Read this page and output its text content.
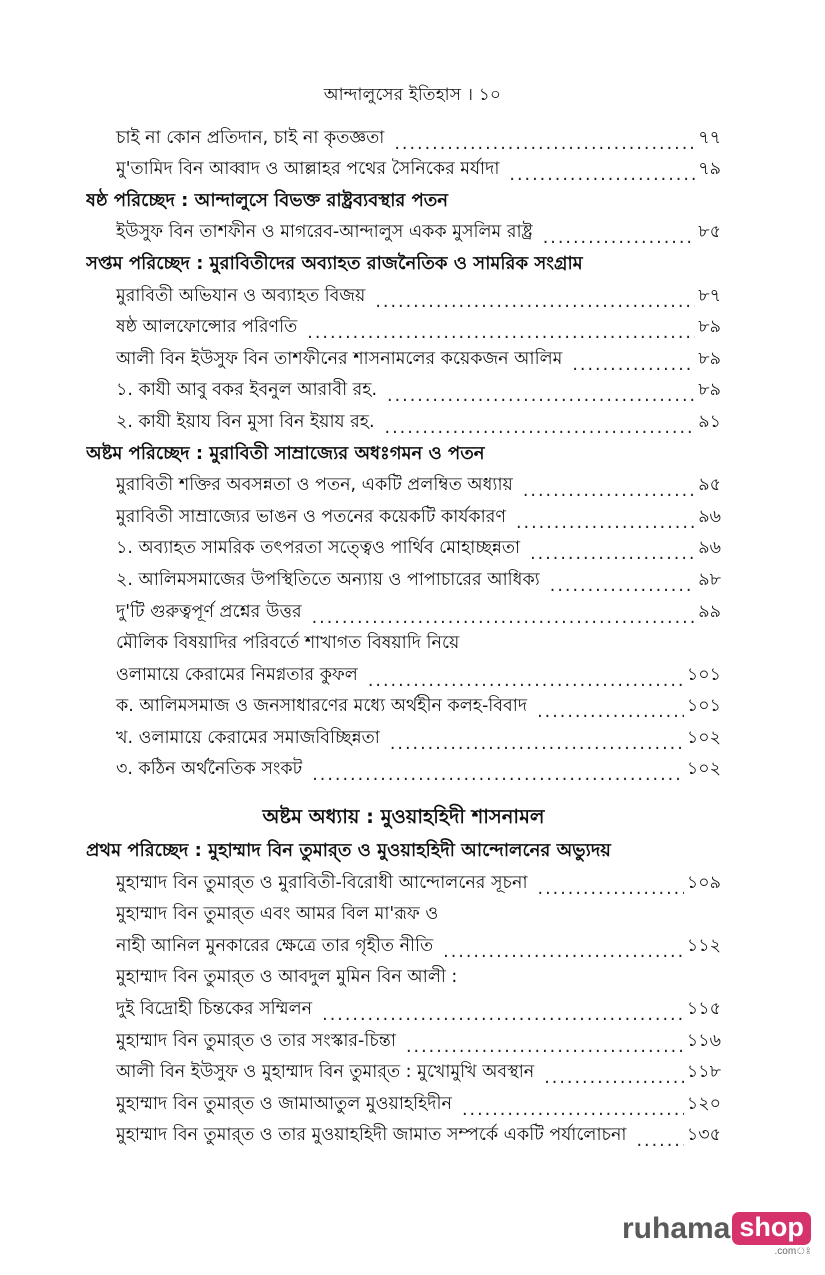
আন্দালুসের ইতিহাস । ১০
চাই না কোন প্রতিদান, চাই না কৃতজ্ঞতা .....	৭৭
মু'তামিদ বিন আব্বাদ ও আল্লাহর পথের সৈনিকের মর্যাদা .....	৭৯
ষষ্ঠ পরিচ্ছেদ : আন্দালুসে বিভক্ত রাষ্ট্রব্যবস্থার পতন
ইউসুফ বিন তাশফীন ও মাগরেব-আন্দালুস একক মুসলিম রাষ্ট্র .....	৮৫
সপ্তম পরিচ্ছেদ : মুরাবিতীদের অব্যাহত রাজনৈতিক ও সামরিক সংগ্রাম
মুরাবিতী অভিযান ও অব্যাহত বিজয় .....	৮৭
ষষ্ঠ আলফোন্সোর পরিণতি .....	৮৯
আলী বিন ইউসুফ বিন তাশফীনের শাসনামলের কয়েকজন আলিম .....	৮৯
১. কাযী আবু বকর ইবনুল আরাবী রহ. .....	৮৯
২. কাযী ইয়ায বিন মুসা বিন ইয়ায রহ. .....	৯১
অষ্টম পরিচ্ছেদ : মুরাবিতী সাম্রাজ্যের অধঃগমন ও পতন
মুরাবিতী শক্তির অবসন্নতা ও পতন, একটি প্রলম্বিত অধ্যায় .....	৯৫
মুরাবিতী সাম্রাজ্যের ভাঙন ও পতনের কয়েকটি কার্যকারণ .....	৯৬
১. অব্যাহত সামরিক তৎপরতা সত্ত্বেও পার্থিব মোহাচ্ছন্নতা .....	৯৬
২. আলিমসমাজের উপস্থিতিতে অন্যায় ও পাপাচারের আধিক্য .....	৯৮
দু'টি গুরুত্বপূর্ণ প্রশ্নের উত্তর .....	৯৯
মৌলিক বিষয়াদির পরিবর্তে শাখাগত বিষয়াদি নিয়ে
ওলামায়ে কেরামের নিমগ্নতার কুফল .....	১০১
ক. আলিমসমাজ ও জনসাধারণের মধ্যে অর্থহীন কলহ-বিবাদ .....	১০১
খ. ওলামায়ে কেরামের সমাজবিচ্ছিন্নতা .....	১০২
৩. কঠিন অর্থনৈতিক সংকট .....	১০২
অষ্টম অধ্যায় : মুওয়াহহিদী শাসনামল
প্রথম পরিচ্ছেদ : মুহাম্মাদ বিন তুমার্‌ত ও মুওয়াহহিদী আন্দোলনের অভ্যুদয়
মুহাম্মাদ বিন তুমার্‌ত ও মুরাবিতী-বিরোধী আন্দোলনের সূচনা .....	১০৯
মুহাম্মাদ বিন তুমার্‌ত এবং আমর বিল মা'রূফ ও
নাহী আনিল মুনকারের ক্ষেত্রে তার গৃহীত নীতি .....	১১২
মুহাম্মাদ বিন তুমার্‌ত ও আবদুল মুমিন বিন আলী :
দুই বিদ্রোহী চিন্তকের সম্মিলন .....	১১৫
মুহাম্মাদ বিন তুমার্‌ত ও তার সংস্কার-চিন্তা .....	১১৬
আলী বিন ইউসুফ ও মুহাম্মাদ বিন তুমার্‌ত : মুখোমুখি অবস্থান .....	১১৮
মুহাম্মাদ বিন তুমার্‌ত ও জামাআতুল মুওয়াহহিদীন .....	১২০
মুহাম্মাদ বিন তুমার্‌ত ও তার মুওয়াহহিদী জামাত সম্পর্কে একটি পর্যালোচনা .....	১৩৫
ruhama shop
.comঃ
